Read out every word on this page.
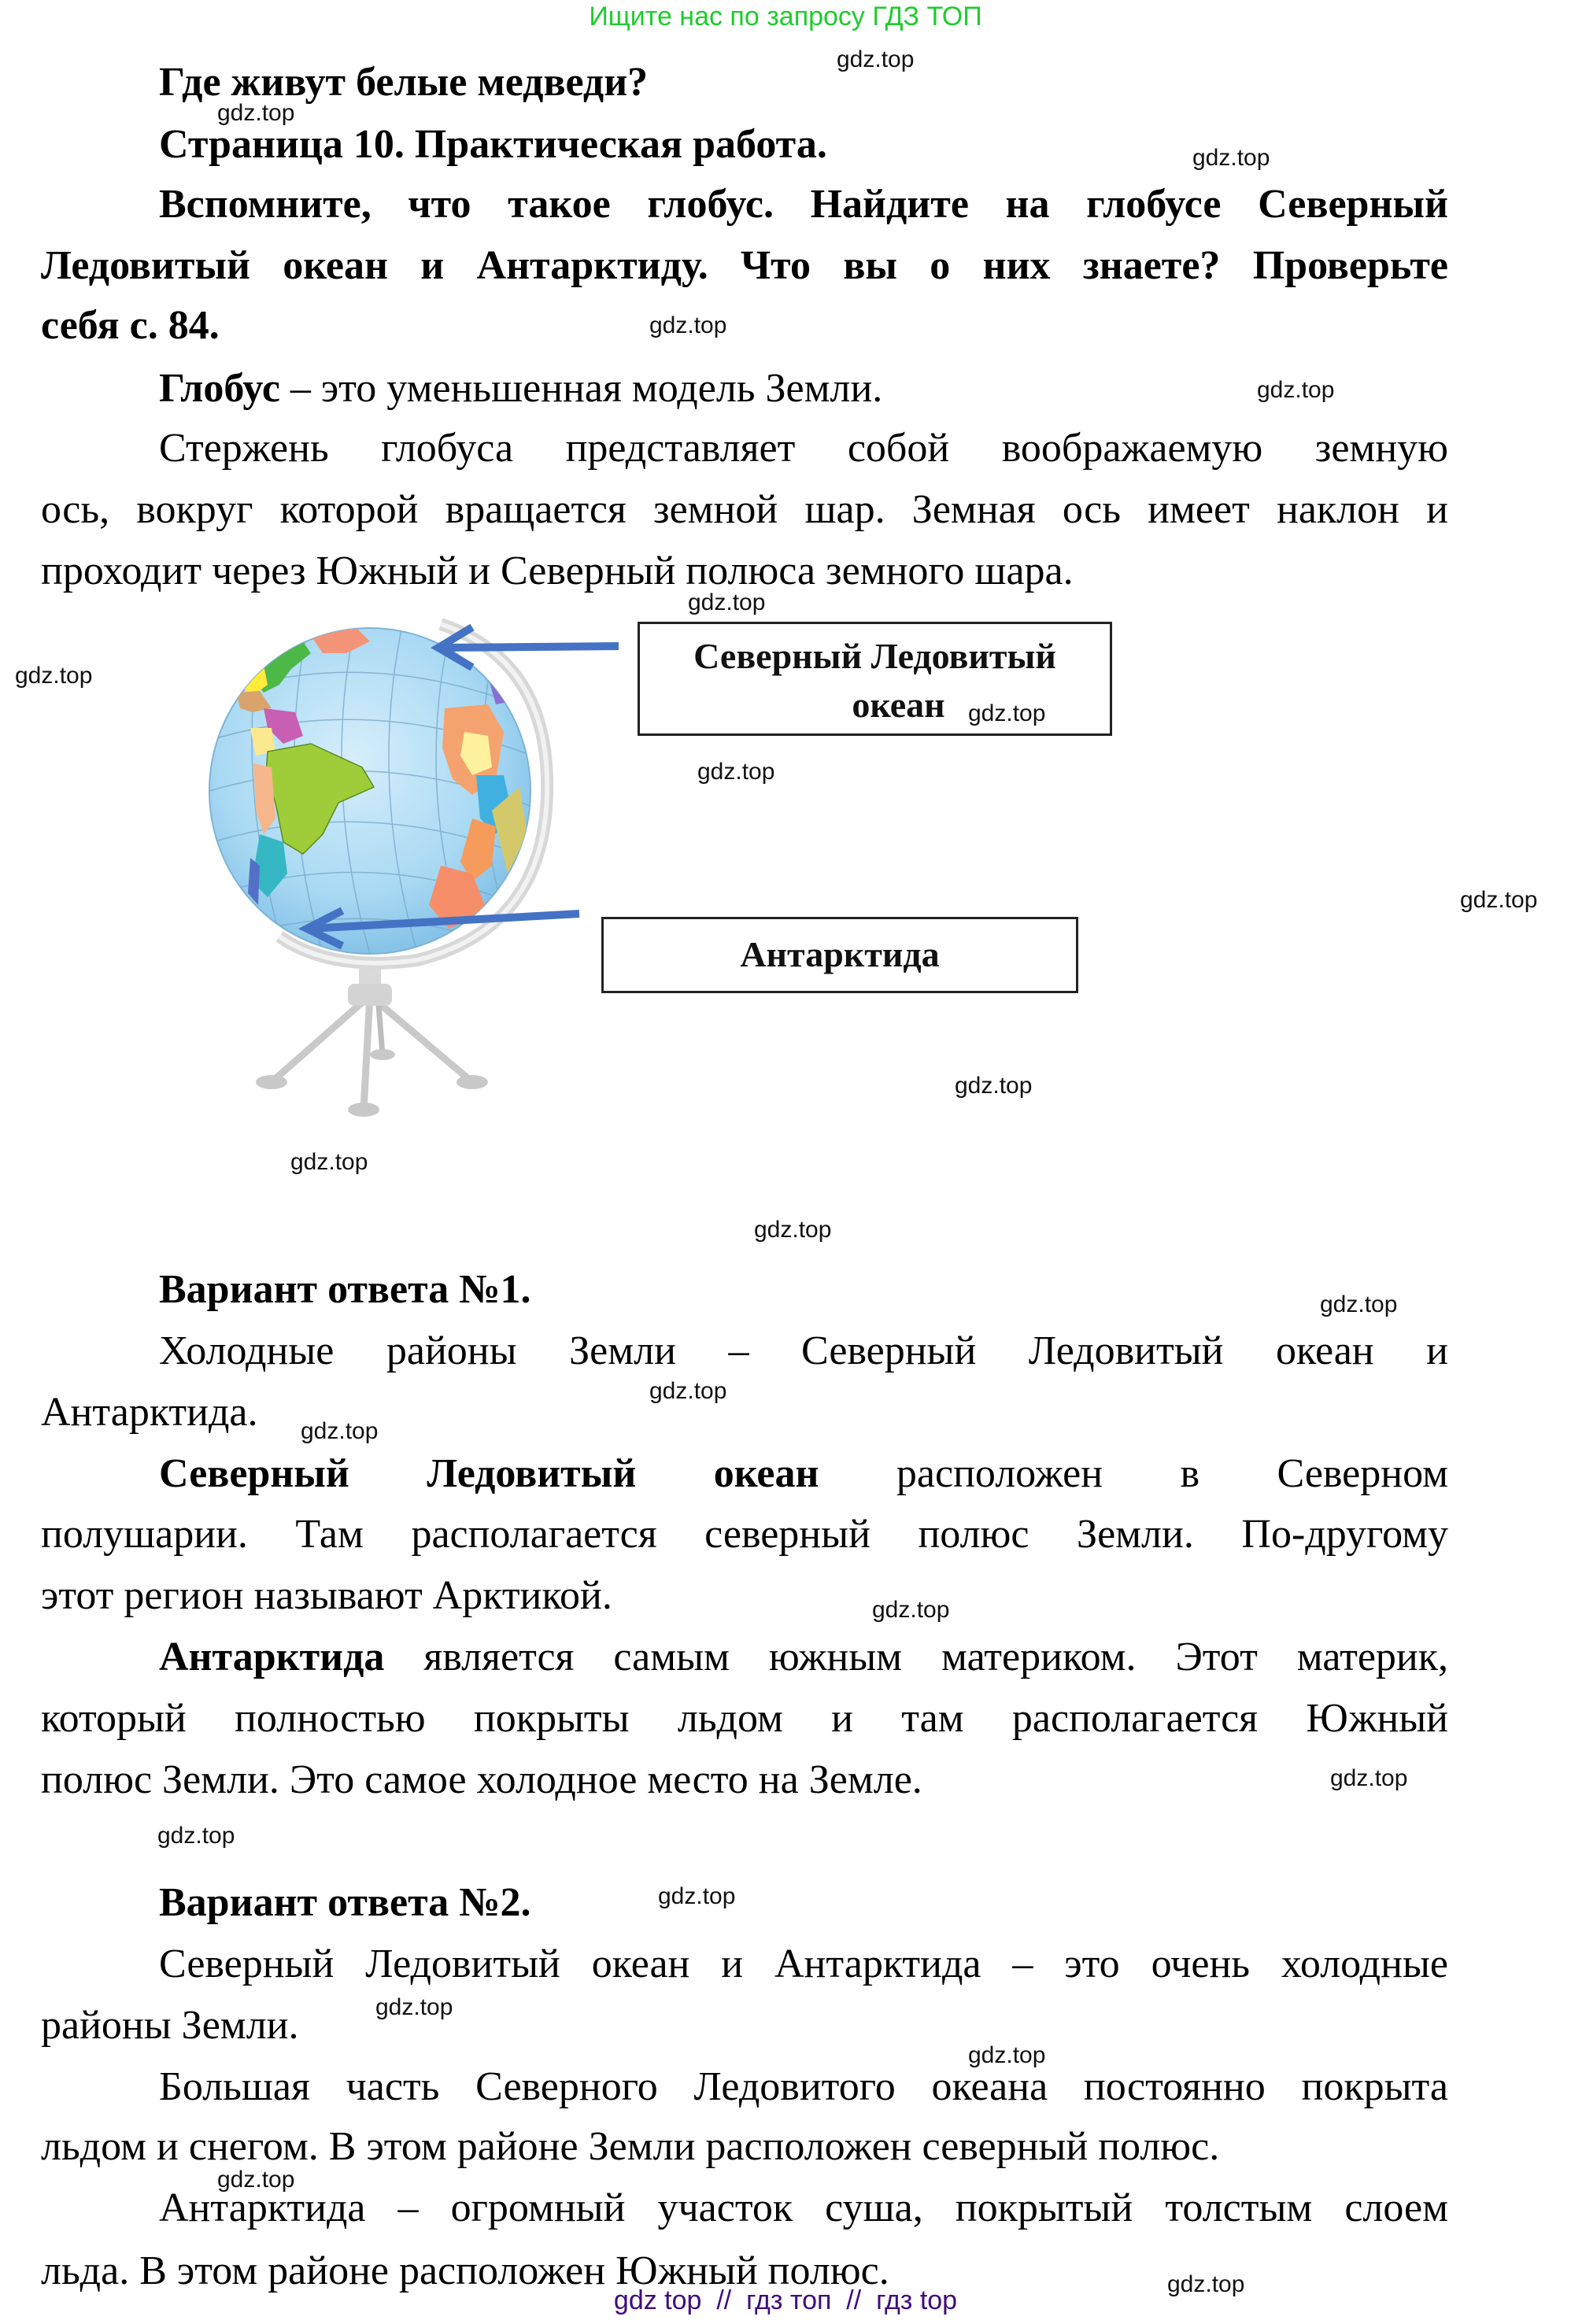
Ищите нас по запросу ГДЗ ТОП
Где живут белые медведи?
Страница 10. Практическая работа.
Вспомните, что такое глобус. Найдите на глобусе Северный
Ледовитый океан и Антарктиду. Что вы о них знаете? Проверьте
себя с. 84.
Глобус – это уменьшенная модель Земли.
Стержень глобуса представляет собой воображаемую земную
ось, вокруг которой вращается земной шар. Земная ось имеет наклон и
проходит через Южный и Северный полюса земного шара.
Северный Ледовитый
океан
Антарктида
Вариант ответа №1.
Холодные районы Земли – Северный Ледовитый океан и
Антарктида.
Северный Ледовитый океан расположен в Северном
полушарии. Там располагается северный полюс Земли. По-другому
этот регион называют Арктикой.
Антарктида является самым южным материком. Этот материк,
который полностью покрыты льдом и там располагается Южный
полюс Земли. Это самое холодное место на Земле.
Вариант ответа №2.
Северный Ледовитый океан и Антарктида – это очень холодные
районы Земли.
Большая часть Северного Ледовитого океана постоянно покрыта
льдом и снегом. В этом районе Земли расположен северный полюс.
Антарктида – огромный участок суша, покрытый толстым слоем
льда. В этом районе расположен Южный полюс.
gdz.top
gdz.top
gdz.top
gdz.top
gdz.top
gdz.top
gdz.top
gdz.top
gdz.top
gdz.top
gdz.top
gdz.top
gdz.top
gdz.top
gdz.top
gdz.top
gdz.top
gdz.top
gdz.top
gdz.top
gdz.top
gdz.top
gdz.top
gdz.top
gdz top  //  гдз топ  //  гдз top
